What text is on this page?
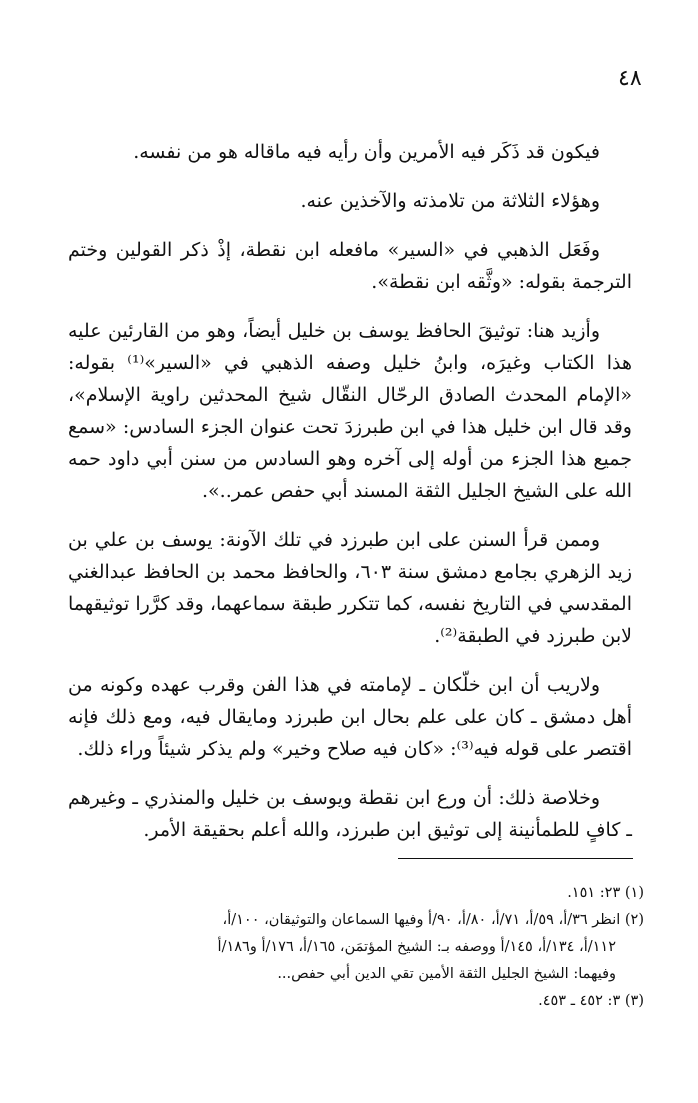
٤٨

فيكون قد ذَكَر فيه الأمرين وأن رأيه فيه ماقاله هو من نفسه.

وهؤلاء الثلاثة من تلامذته والآخذين عنه.

وفَعَل الذهبي في «السير» مافعله ابن نقطة، إذْ ذكر القولين وختم الترجمة بقوله: «وثَّقه ابن نقطة».

وأزيد هنا: توثيقَ الحافظ يوسف بن خليل أيضاً، وهو من القارئين عليه هذا الكتاب وغيرَه، وابنُ خليل وصفه الذهبي في «السير»⁽¹⁾ بقوله: «الإمام المحدث الصادق الرحّال النقّال شيخ المحدثين راوية الإسلام»، وقد قال ابن خليل هذا في ابن طبرزدَ تحت عنوان الجزء السادس: «سمع جميع هذا الجزء من أوله إلى آخره وهو السادس من سنن أبي داود حمه الله على الشيخ الجليل الثقة المسند أبي حفص عمر..».

وممن قرأ السنن على ابن طبرزد في تلك الآونة: يوسف بن علي بن زيد الزهري بجامع دمشق سنة ٦٠٣، والحافظ محمد بن الحافظ عبدالغني المقدسي في التاريخ نفسه، كما تتكرر طبقة سماعهما، وقد كرَّرا توثيقهما لابن طبرزد في الطبقة⁽²⁾.

ولاريب أن ابن خلّكان ـ لإمامته في هذا الفن وقرب عهده وكونه من أهل دمشق ـ كان على علم بحال ابن طبرزد ومايقال فيه، ومع ذلك فإنه اقتصر على قوله فيه⁽³⁾: «كان فيه صلاح وخير» ولم يذكر شيئاً وراء ذلك.

وخلاصة ذلك: أن ورع ابن نقطة ويوسف بن خليل والمنذري ـ وغيرهم ـ كافٍ للطمأنينة إلى توثيق ابن طبرزد، والله أعلم بحقيقة الأمر.

(١) ٢٣: ١٥١.

(٢) انظر ٣٦/أ، ٥٩/أ، ٧١/أ، ٨٠/أ، ٩٠/أ وفيها السماعان والتوثيقان، ١٠٠/أ،

١١٢/أ، ١٣٤/أ، ١٤٥/أ ووصفه بـ: الشيخ المؤتمَن، ١٦٥/أ، ١٧٦/أ و١٨٦/أ

وفيهما: الشيخ الجليل الثقة الأمين تقي الدين أبي حفص...

(٣) ٣: ٤٥٢ ـ ٤٥٣.
